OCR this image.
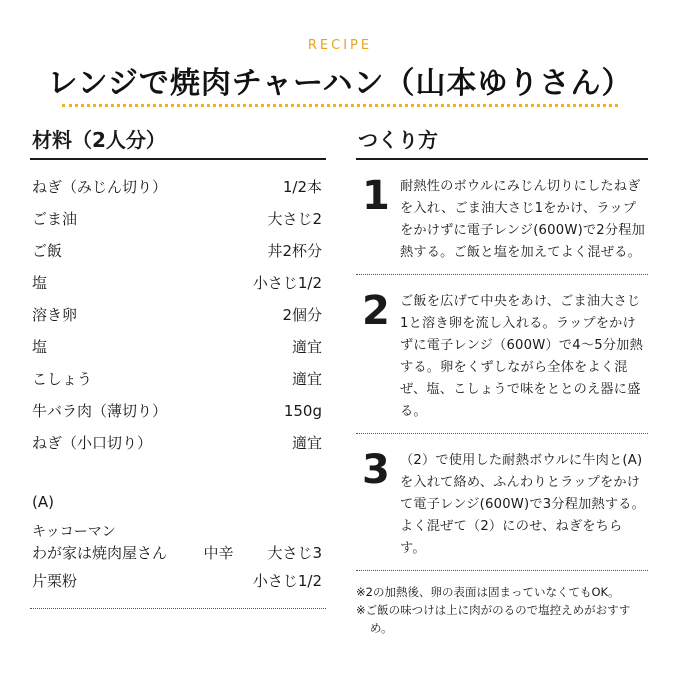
RECIPE
レンジで焼肉チャーハン（山本ゆりさん）
材料（2人分）
ねぎ（みじん切り）	1/2本
ごま油	大さじ2
ご飯	丼2杯分
塩	小さじ1/2
溶き卵	2個分
塩	適宜
こしょう	適宜
牛バラ肉（薄切り）	150g
ねぎ（小口切り）	適宜
(A)
キッコーマン
わが家は焼肉屋さん	中辛	大さじ3
片栗粉	小さじ1/2
つくり方
1 耐熱性のボウルにみじん切りにしたねぎを入れ、ごま油大さじ1をかけ、ラップをかけずに電子レンジ(600W)で2分程加熱する。ご飯と塩を加えてよく混ぜる。
2 ご飯を広げて中央をあけ、ごま油大さじ1と溶き卵を流し入れる。ラップをかけずに電子レンジ（600W）で4～5分加熱する。卵をくずしながら全体をよく混ぜ、塩、こしょうで味をととのえ器に盛る。
3 （2）で使用した耐熱ボウルに牛肉と(A)を入れて絡め、ふんわりとラップをかけて電子レンジ(600W)で3分程加熱する。よく混ぜて（2）にのせ、ねぎをちらす。
※2の加熱後、卵の表面は固まっていなくてもOK。
※ご飯の味つけは上に肉がのるので塩控えめがおすすめ。
